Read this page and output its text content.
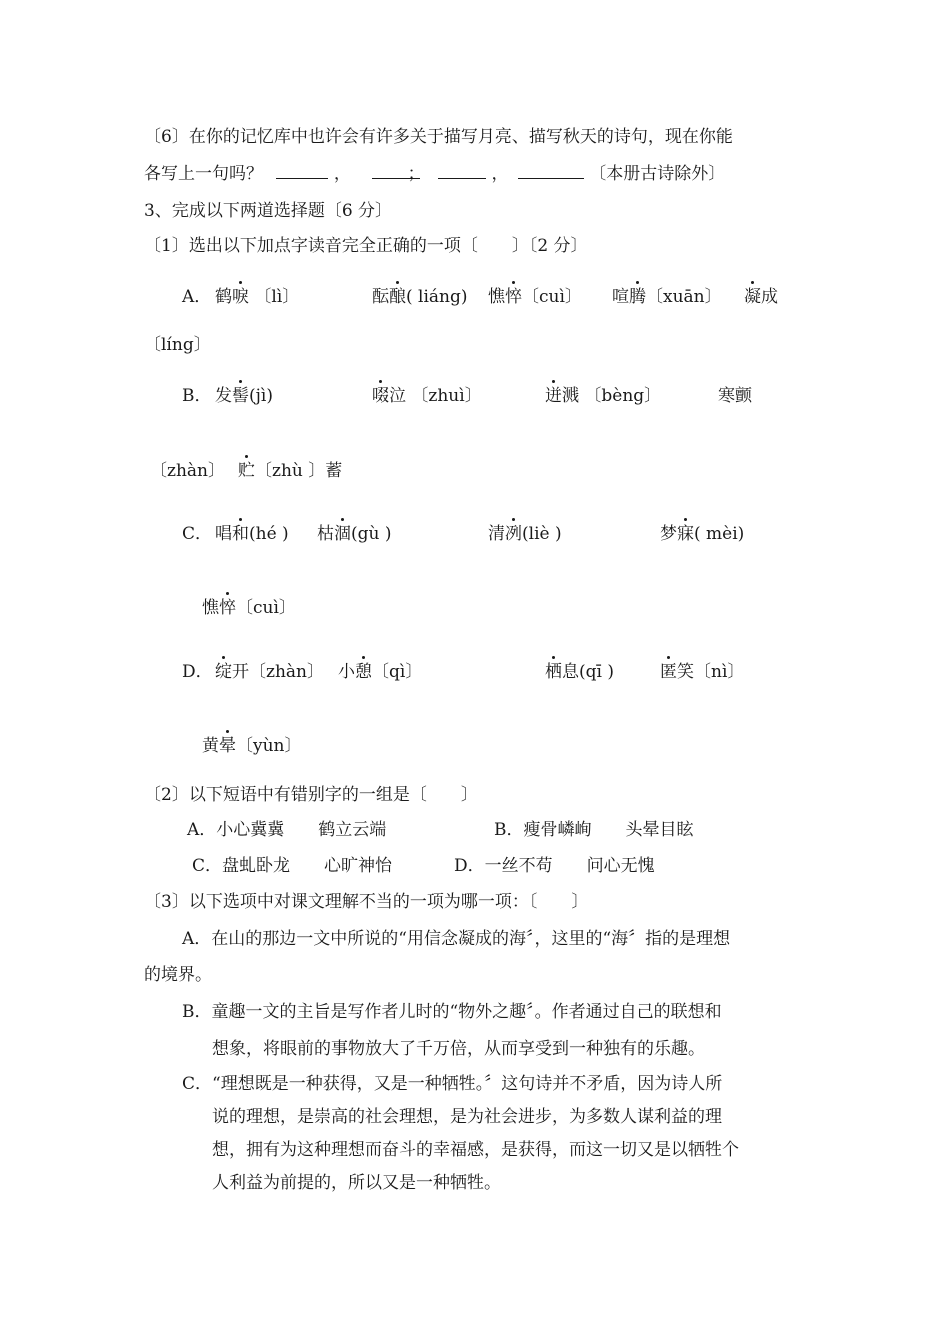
〔6〕在你的记忆库中也许会有许多关于描写月亮、描写秋天的诗句，现在你能
各写上一句吗？	，	；	，	〔本册古诗除外〕
3、完成以下两道选择题〔6 分〕
〔1〕选出以下加点字读音完全正确的一项〔　　〕〔2 分〕
A． 鹤唳 〔lì〕	酝酿( liáng) 憔悴〔cuì〕 喧腾〔xuān〕 凝成
〔líng〕
B． 发髻(jì)	啜泣 〔zhuì〕	迸溅 〔bèng〕	寒颤
〔zhàn〕 贮〔zhù 〕蓄
C． 唱和(hé ) 枯涸(gù )	清冽(liè )	梦寐( mèi)
憔悴〔cuì〕
D． 绽开〔zhàn〕 小憩〔qì〕	栖息(qī )	匿笑〔nì〕
黄晕〔yùn〕
〔2〕以下短语中有错别字的一组是〔　　〕
A．小心冀冀　　鹤立云端	B．瘦骨嶙峋　　头晕目眩
C．盘虬卧龙　　心旷神怡	D．一丝不苟　　问心无愧
〔3〕以下选项中对课文理解不当的一项为哪一项：〔　　〕
A．在山的那边一文中所说的“用信念凝成的海〞，这里的“海〞指的是理想
的境界。
B．童趣一文的主旨是写作者儿时的“物外之趣〞。作者通过自己的联想和
想象，将眼前的事物放大了千万倍，从而享受到一种独有的乐趣。
C．“理想既是一种获得，又是一种牺牲。〞这句诗并不矛盾，因为诗人所
说的理想，是崇高的社会理想，是为社会进步，为多数人谋利益的理
想，拥有为这种理想而奋斗的幸福感，是获得，而这一切又是以牺牲个
人利益为前提的，所以又是一种牺牲。
